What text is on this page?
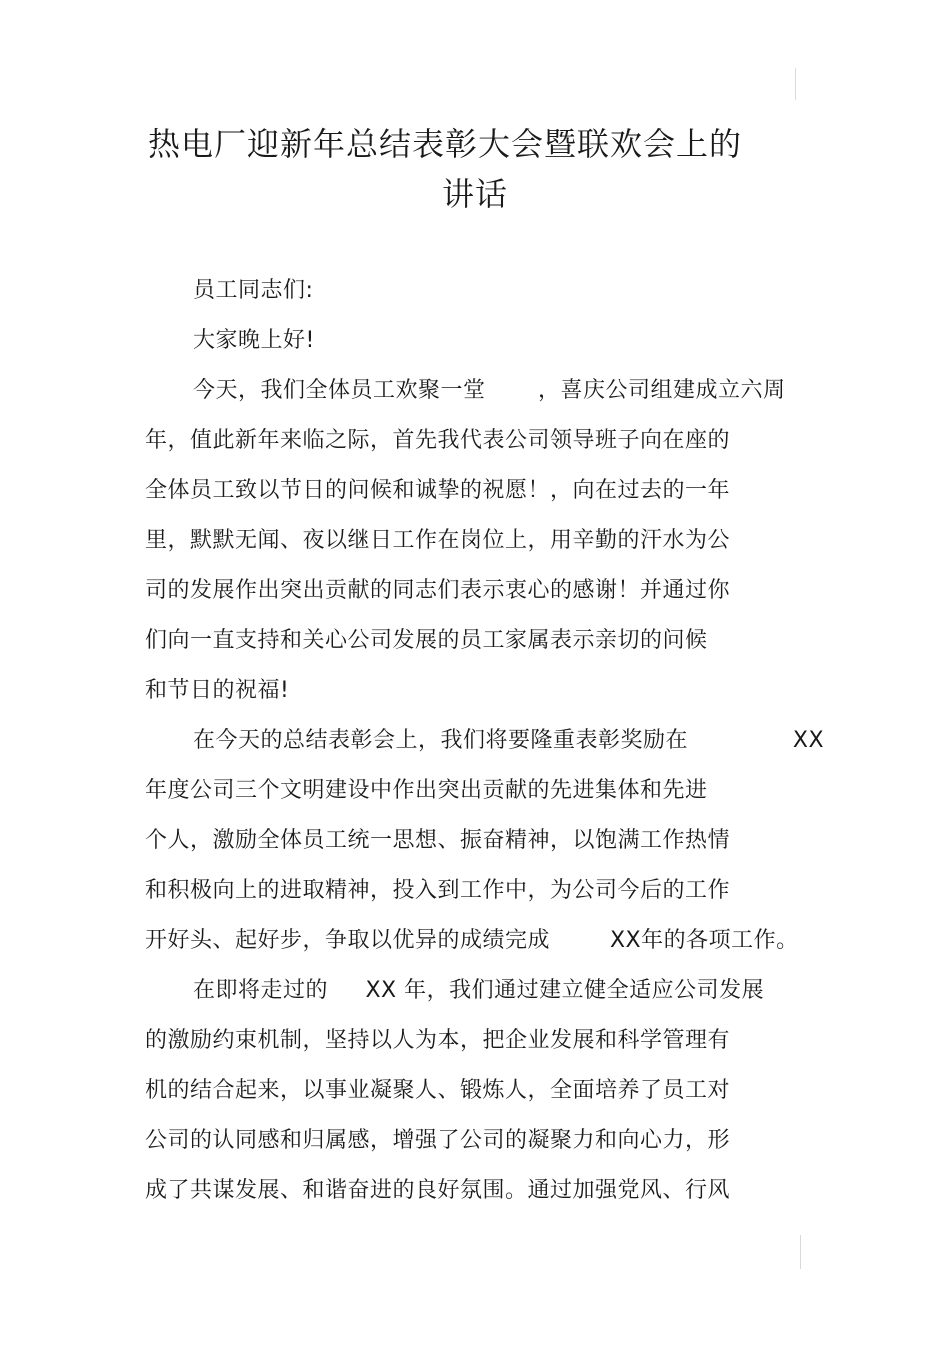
热电厂迎新年总结表彰大会暨联欢会上的
讲话
员工同志们:
大家晚上好!
今天，我们全体员工欢聚一堂       ，喜庆公司组建成立六周
年，值此新年来临之际，首先我代表公司领导班子向在座的
全体员工致以节日的问候和诚挚的祝愿！，向在过去的一年
里，默默无闻、夜以继日工作在岗位上，用辛勤的汗水为公
司的发展作出突出贡献的同志们表示衷心的感谢！并通过你
们向一直支持和关心公司发展的员工家属表示亲切的问候
和节日的祝福!
在今天的总结表彰会上，我们将要隆重表彰奖励在              XX
年度公司三个文明建设中作出突出贡献的先进集体和先进
个人，激励全体员工统一思想、振奋精神，以饱满工作热情
和积极向上的进取精神，投入到工作中，为公司今后的工作
开好头、起好步，争取以优异的成绩完成        XX年的各项工作。
在即将走过的     XX 年，我们通过建立健全适应公司发展
的激励约束机制，坚持以人为本，把企业发展和科学管理有
机的结合起来，以事业凝聚人、锻炼人，全面培养了员工对
公司的认同感和归属感，增强了公司的凝聚力和向心力，形
成了共谋发展、和谐奋进的良好氛围。通过加强党风、行风
